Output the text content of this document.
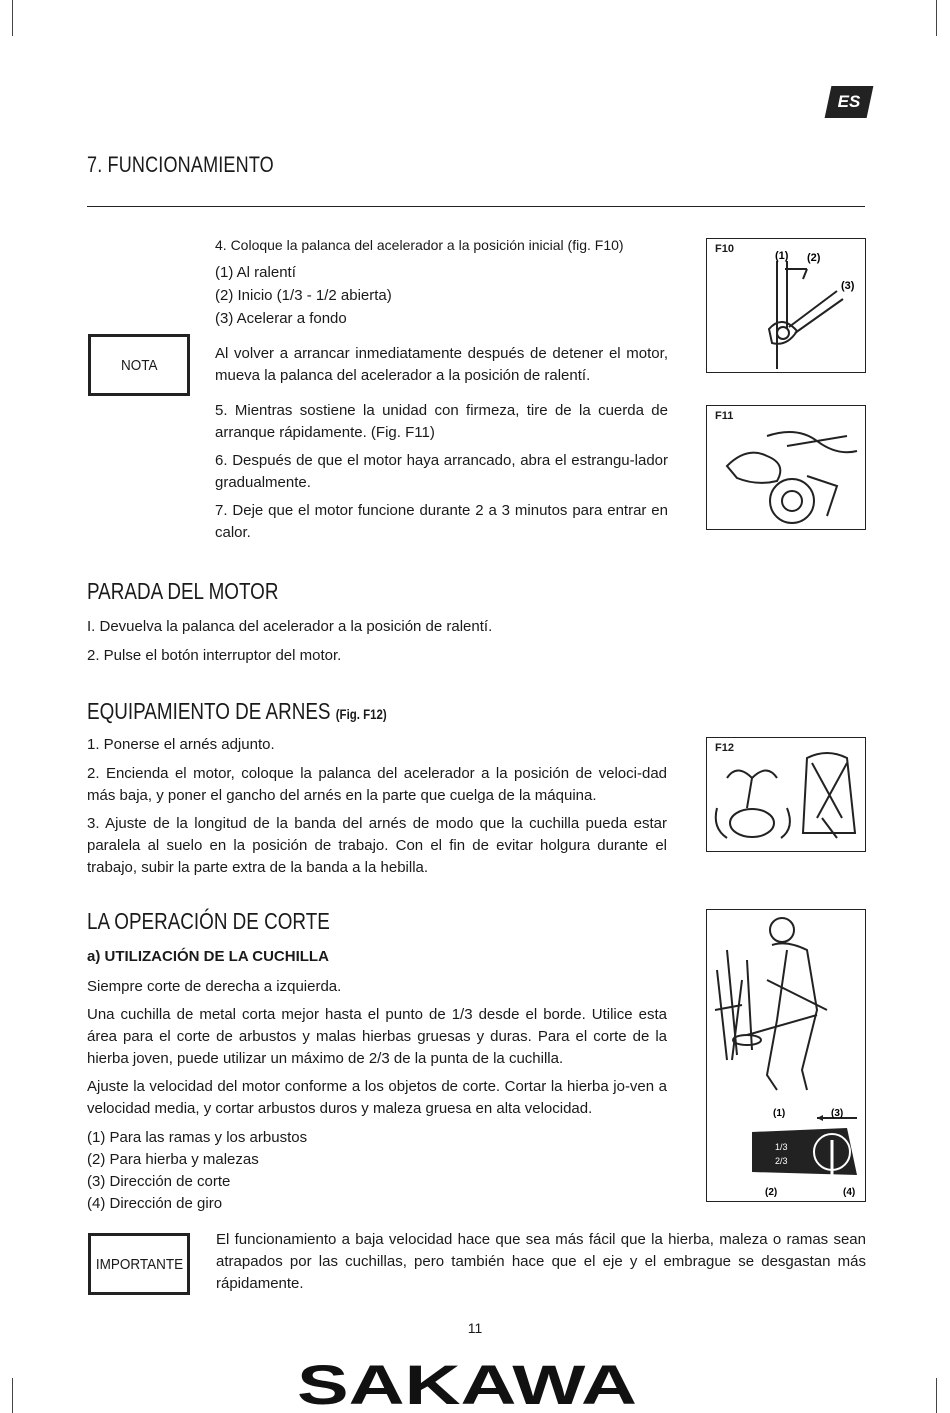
ES
7. FUNCIONAMIENTO

4. Coloque la palanca del acelerador a la posición inicial (fig. F10)

(1) Al ralentí

(2) Inicio (1/3 - 1/2 abierta)

(3) Acelerar a fondo

NOTA

Al volver a arrancar inmediatamente después de detener el motor, mueva la palanca del acelerador a la posición de ralentí.

5. Mientras sostiene la unidad con firmeza, tire de la cuerda de arranque rápidamente. (Fig. F11)

6. Después de que el motor haya arrancado, abra el estrangu-lador gradualmente.

7. Deje que el motor funcione durante 2 a 3 minutos para entrar en calor.

F10
(1) (2)
(3)
F11
PARADA DEL MOTOR

I. Devuelva la palanca del acelerador a la posición de ralentí.

2. Pulse el botón interruptor del motor.

EQUIPAMIENTO DE ARNES (Fig. F12)

1. Ponerse el arnés adjunto.

2. Encienda el motor, coloque la palanca del acelerador a la posición de veloci-dad más baja, y poner el gancho del arnés en la parte que cuelga de la máquina.

3. Ajuste de la longitud de la banda del arnés de modo que la cuchilla pueda estar paralela al suelo en la posición de trabajo. Con el fin de evitar holgura durante el trabajo, subir la parte extra de la banda a la hebilla.

F12
LA OPERACIÓN DE CORTE
a) UTILIZACIÓN DE LA CUCHILLA

Siempre corte de derecha a izquierda.

Una cuchilla de metal corta mejor hasta el punto de 1/3 desde el borde. Utilice esta área para el corte de arbustos y malas hierbas gruesas y duras. Para el corte de la hierba joven, puede utilizar un máximo de 2/3 de la punta de la cuchilla.

Ajuste la velocidad del motor conforme a los objetos de corte. Cortar la hierba jo-ven a velocidad media, y cortar arbustos duros y maleza gruesa en alta velocidad.

(1) Para las ramas y los arbustos

(2) Para hierba y malezas

(3) Dirección de corte

(4) Dirección de giro

(1)
(2)
(3)
(4)
1/3
2/3
IMPORTANTE

El funcionamiento a baja velocidad hace que sea más fácil que la hierba, maleza o ramas sean atrapados por las cuchillas, pero también hace que el eje y el embrague se desgastan más rápidamente.

11
SAKAWA
